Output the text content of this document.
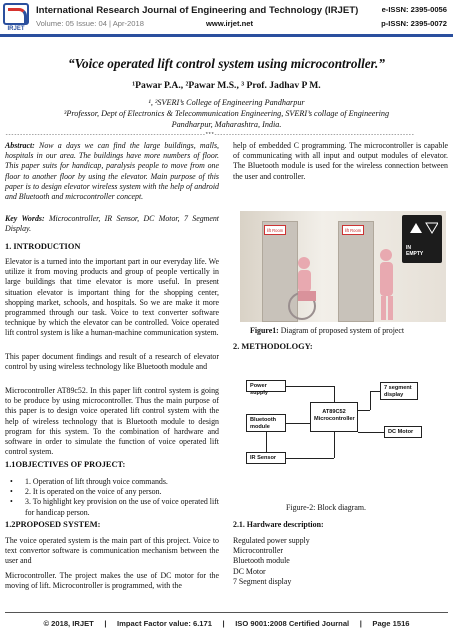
IRJET
International Research Journal of Engineering and Technology (IRJET)
Volume: 05 Issue: 04 | Apr-2018	www.irjet.net
e-ISSN: 2395-0056
p-ISSN: 2395-0072
“Voice operated lift control system using microcontroller.”
¹Pawar P.A., ²Pawar M.S., ³ Prof. Jadhav P M.
¹, ²SVERI’s College of Engineering Pandharpur
³Professor, Dept of Electronics & Telecommunication Engineering, SVERI’s collage of Engineering
Pandharpur, Maharashtra, India.
---------------------------------------------------------------------***---------------------------------------------------------------------

Abstract: Now a days we can find the large buildings, malls, hospitals in our area. The buildings have more numbers of floor. This paper suits for handicap, paralysis people to move from one floor to another floor by using the elevator. Main purpose of this paper is to design elevator wireless system with the help of android and Bluetooth and microcontroller concept.

Key Words: Microcontroller, IR Sensor, DC Motor, 7 Segment Display.

1. INTRODUCTION
Elevator is a turned into the important part in our everyday life. We utilize it from moving products and group of people vertically in large buildings that time elevator is more useful. In present situation elevator is important thing for the shopping center, shopping market, schools, and hospitals. So we are make it more programmed through our task. Voice to text converter software technique by which the elevator can be controlled. Voice operated lift control system is like a human-machine communication system.
This paper document findings and result of a research of elevator control by using wireless technology like Bluetooth module and
Microcontroller AT89c52. In this paper lift control system is going to be produce by using microcontroller. Thus the main purpose of this paper is to design voice operated lift control system with the help of wireless technology that is Bluetooth module to design program for this system. To the combination of hardware and software in order to simulate the function of voice operated lift control system.
1.1OBJECTIVES OF PROJECT:
• 1. Operation of lift through voice commands.
• 2. It is operated on the voice of any person.
• 3. To highlight key provision on the use of voice operated lift for handicap person.
1.2PROPOSED SYSTEM:
The voice operated system is the main part of this project. Voice to text convertor software is communication mechanism between the user and
Microcontroller. The project makes the use of DC motor for the moving of lift. Microcontroller is programmed, with the
help of embedded C programming. The microcontroller is capable of communicating with all input and output modules of elevator. The Bluetooth module is used for the wireless connection between the user and controller.
lift Room	lift Room
IN
EMPTY
Figure1: Diagram of proposed system of project
2. METHODOLOGY:
Power supply
Bluetooth module
IR Sensor
AT89C52 Microcontroller
7 segment display
DC Motor
Figure-2: Block diagram.
2.1. Hardware description:
Regulated power supply
Microcontroller
Bluetooth module
DC Motor
7 Segment display
© 2018, IRJET     |     Impact Factor value: 6.171     |     ISO 9001:2008 Certified Journal     |     Page 1516
